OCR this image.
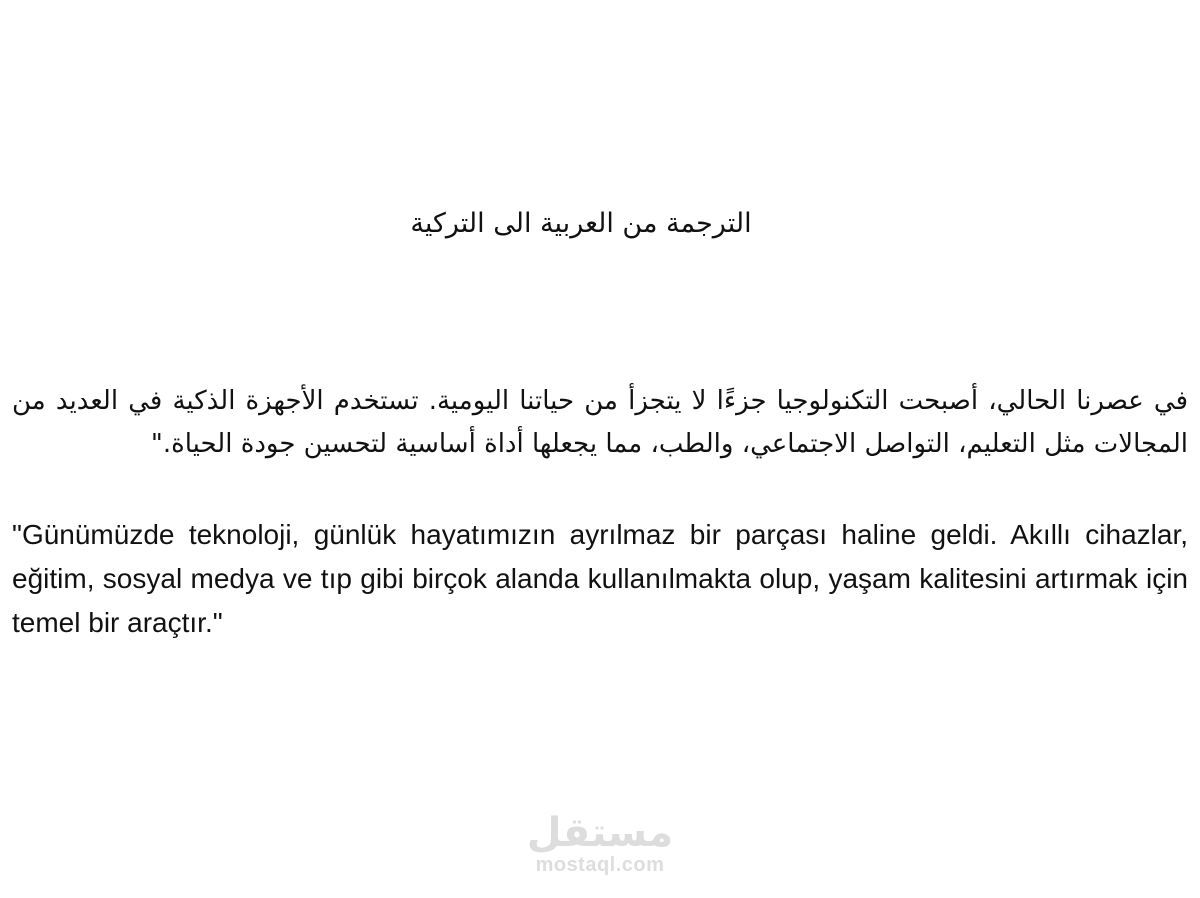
الترجمة من العربية الى التركية

في عصرنا الحالي، أصبحت التكنولوجيا جزءًا لا يتجزأ من حياتنا اليومية. تستخدم الأجهزة الذكية في العديد من المجالات مثل التعليم، التواصل الاجتماعي، والطب، مما يجعلها أداة أساسية لتحسين جودة الحياة."

"Günümüzde teknoloji, günlük hayatımızın ayrılmaz bir parçası haline geldi. Akıllı cihazlar, eğitim, sosyal medya ve tıp gibi birçok alanda kullanılmakta olup, yaşam kalitesini artırmak için temel bir araçtır."

مستقل
mostaql.com
